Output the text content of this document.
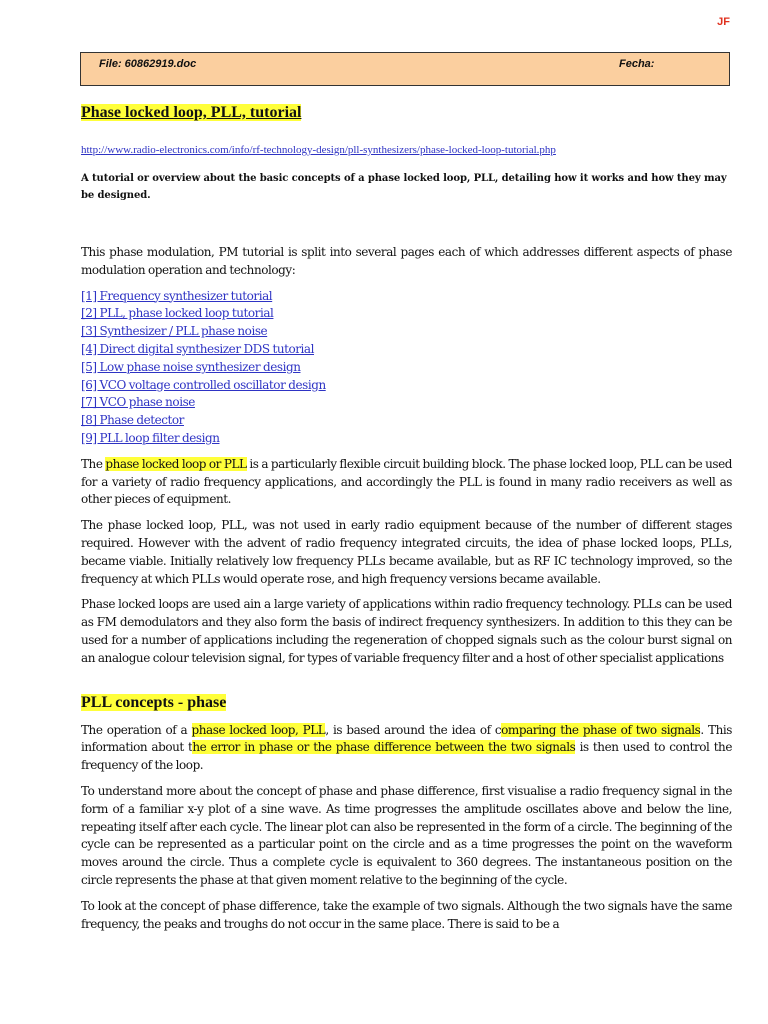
JF
File: 60862919.doc	Fecha:
Phase locked loop, PLL, tutorial
http://www.radio-electronics.com/info/rf-technology-design/pll-synthesizers/phase-locked-loop-tutorial.php
A tutorial or overview about the basic concepts of a phase locked loop, PLL, detailing how it works and how they may be designed.

This phase modulation, PM tutorial is split into several pages each of which addresses different aspects of phase modulation operation and technology:

[1] Frequency synthesizer tutorial
[2] PLL, phase locked loop tutorial
[3] Synthesizer / PLL phase noise
[4] Direct digital synthesizer DDS tutorial
[5] Low phase noise synthesizer design
[6] VCO voltage controlled oscillator design
[7] VCO phase noise
[8] Phase detector
[9] PLL loop filter design

The phase locked loop or PLL is a particularly flexible circuit building block. The phase locked loop, PLL can be used for a variety of radio frequency applications, and accordingly the PLL is found in many radio receivers as well as other pieces of equipment.

The phase locked loop, PLL, was not used in early radio equipment because of the number of different stages required. However with the advent of radio frequency integrated circuits, the idea of phase locked loops, PLLs, became viable. Initially relatively low frequency PLLs became available, but as RF IC technology improved, so the frequency at which PLLs would operate rose, and high frequency versions became available.

Phase locked loops are used ain a large variety of applications within radio frequency technology. PLLs can be used as FM demodulators and they also form the basis of indirect frequency synthesizers. In addition to this they can be used for a number of applications including the regeneration of chopped signals such as the colour burst signal on an analogue colour television signal, for types of variable frequency filter and a host of other specialist applications

PLL concepts - phase

The operation of a phase locked loop, PLL, is based around the idea of comparing the phase of two signals. This information about the error in phase or the phase difference between the two signals is then used to control the frequency of the loop.

To understand more about the concept of phase and phase difference, first visualise a radio frequency signal in the form of a familiar x-y plot of a sine wave. As time progresses the amplitude oscillates above and below the line, repeating itself after each cycle. The linear plot can also be represented in the form of a circle. The beginning of the cycle can be represented as a particular point on the circle and as a time progresses the point on the waveform moves around the circle. Thus a complete cycle is equivalent to 360 degrees. The instantaneous position on the circle represents the phase at that given moment relative to the beginning of the cycle.

To look at the concept of phase difference, take the example of two signals. Although the two signals have the same frequency, the peaks and troughs do not occur in the same place. There is said to be a
